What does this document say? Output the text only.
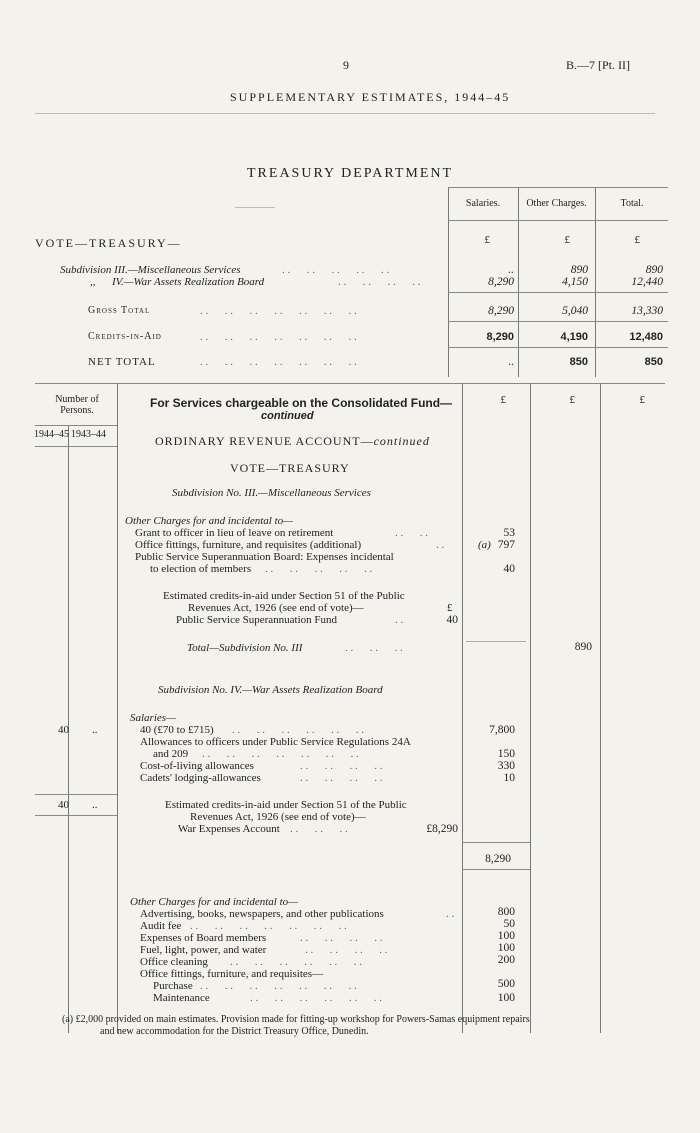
9	B.—7 [Pt. II]
SUPPLEMENTARY ESTIMATES, 1944–45
TREASURY DEPARTMENT
Salaries.	Other Charges.	Total.
VOTE—TREASURY—	£	£	£
Subdivision III.—Miscellaneous Services	. .      . .      . .      . .      . .	..	890	890
,, IV.—War Assets Realization Board	. .      . .      . .      . .	8,290	4,150	12,440
Gross Total	. .      . .      . .      . .      . .      . .      . .	8,290	5,040	13,330
Credits-in-Aid	. .      . .      . .      . .      . .      . .      . .	8,290	4,190	12,480
NET TOTAL	. .      . .      . .      . .      . .      . .      . .	..	850	850
Number of Persons.
1944–45 1943–44
£	£	£
For Services chargeable on the Consolidated Fund—
continued
ORDINARY REVENUE ACCOUNT—continued
VOTE—TREASURY
Subdivision No. III.—Miscellaneous Services
Other Charges for and incidental to—
Grant to officer in lieu of leave on retirement	. .      . .	53
Office fittings, furniture, and requisites (additional)	. .	(a) 797
Public Service Superannuation Board: Expenses incidental
to election of members . .      . .      . .      . .      . .	40
Estimated credits-in-aid under Section 51 of the Public
Revenues Act, 1926 (see end of vote)—	£
Public Service Superannuation Fund	. .	40
Total—Subdivision No. III	. .      . .      . .	890
Subdivision No. IV.—War Assets Realization Board
Salaries—
40 ..	40 (£70 to £715) . .      . .      . .      . .      . .      . .	7,800
Allowances to officers under Public Service Regulations 24A
and 209 . .      . .      . .      . .      . .      . .      . .	150
Cost-of-living allowances	. .      . .      . .      . .	330
Cadets' lodging-allowances	. .      . .      . .      . .	10
40 ..	Estimated credits-in-aid under Section 51 of the Public
Revenues Act, 1926 (see end of vote)—
War Expenses Account . .      . .      . .	£8,290
8,290
Other Charges for and incidental to—
Advertising, books, newspapers, and other publications	. .	800
Audit fee . .      . .      . .      . .      . .      . .      . .	50
Expenses of Board members	. .      . .      . .      . .	100
Fuel, light, power, and water	. .      . .      . .      . .	100
Office cleaning . .      . .      . .      . .      . .      . .	200
Office fittings, furniture, and requisites—
Purchase . .      . .      . .      . .      . .      . .      . .	500
Maintenance	. .      . .      . .      . .      . .      . .	100
(a) £2,000 provided on main estimates. Provision made for fitting-up workshop for Powers-Samas equipment repairs
and new accommodation for the District Treasury Office, Dunedin.
